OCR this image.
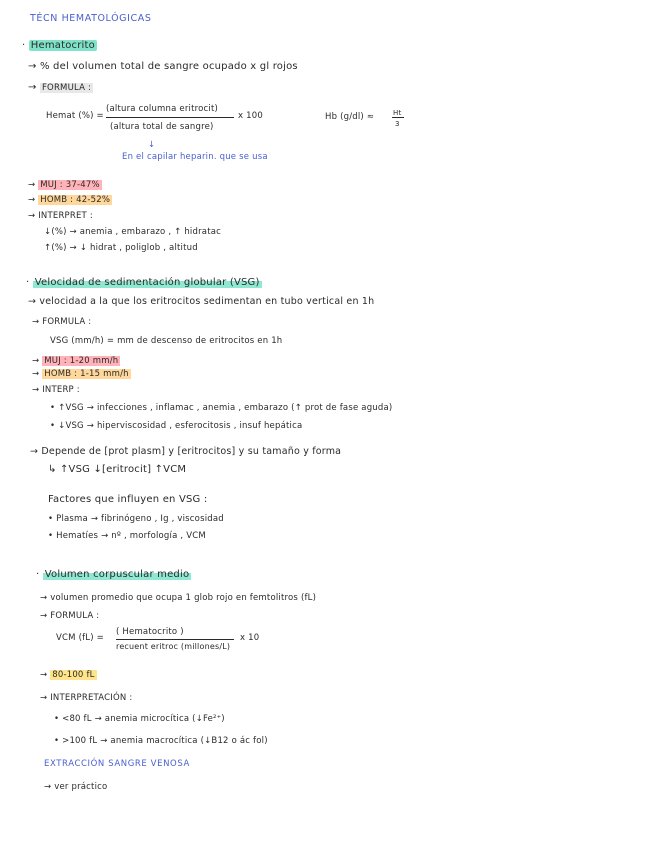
TÉCN HEMATOLÓGICAS
· Hematocrito
→ % del volumen total de sangre ocupado x gl rojos
→ FORMULA :
Hemat (%) =
(altura columna eritrocit)
(altura total de sangre)
x 100	Hb (g/dl) ≈	Ht
3
↓
En el capilar heparin. que se usa
→ MUJ : 37-47%
→ HOMB : 42-52%
→ INTERPRET :
↓(%) → anemia , embarazo , ↑ hidratac
↑(%) → ↓ hidrat , poliglob , altitud
· Velocidad de sedimentación globular (VSG)
→ velocidad a la que los eritrocitos sedimentan en tubo vertical en 1h
→ FORMULA :
VSG (mm/h) = mm de descenso de eritrocitos en 1h
→ MUJ : 1-20 mm/h
→ HOMB : 1-15 mm/h
→ INTERP :
• ↑VSG → infecciones , inflamac , anemia , embarazo (↑ prot de fase aguda)
• ↓VSG → hiperviscosidad , esferocitosis , insuf hepática
→ Depende de [prot plasm] y [eritrocitos] y su tamaño y forma
↳ ↑VSG ↓[eritrocit] ↑VCM
Factores que influyen en VSG :
• Plasma → fibrinógeno , Ig , viscosidad
• Hematíes → nº , morfología , VCM
· Volumen corpuscular medio
→ volumen promedio que ocupa 1 glob rojo en femtolitros (fL)
→ FORMULA :
VCM (fL) =
( Hematocrito )
recuent eritroc (millones/L)
x 10
→ 80-100 fL
→ INTERPRETACIÓN :
• <80 fL → anemia microcítica (↓Fe²⁺)
• >100 fL → anemia macrocítica (↓B12 o ác fol)
EXTRACCIÓN SANGRE VENOSA
→ ver práctico
